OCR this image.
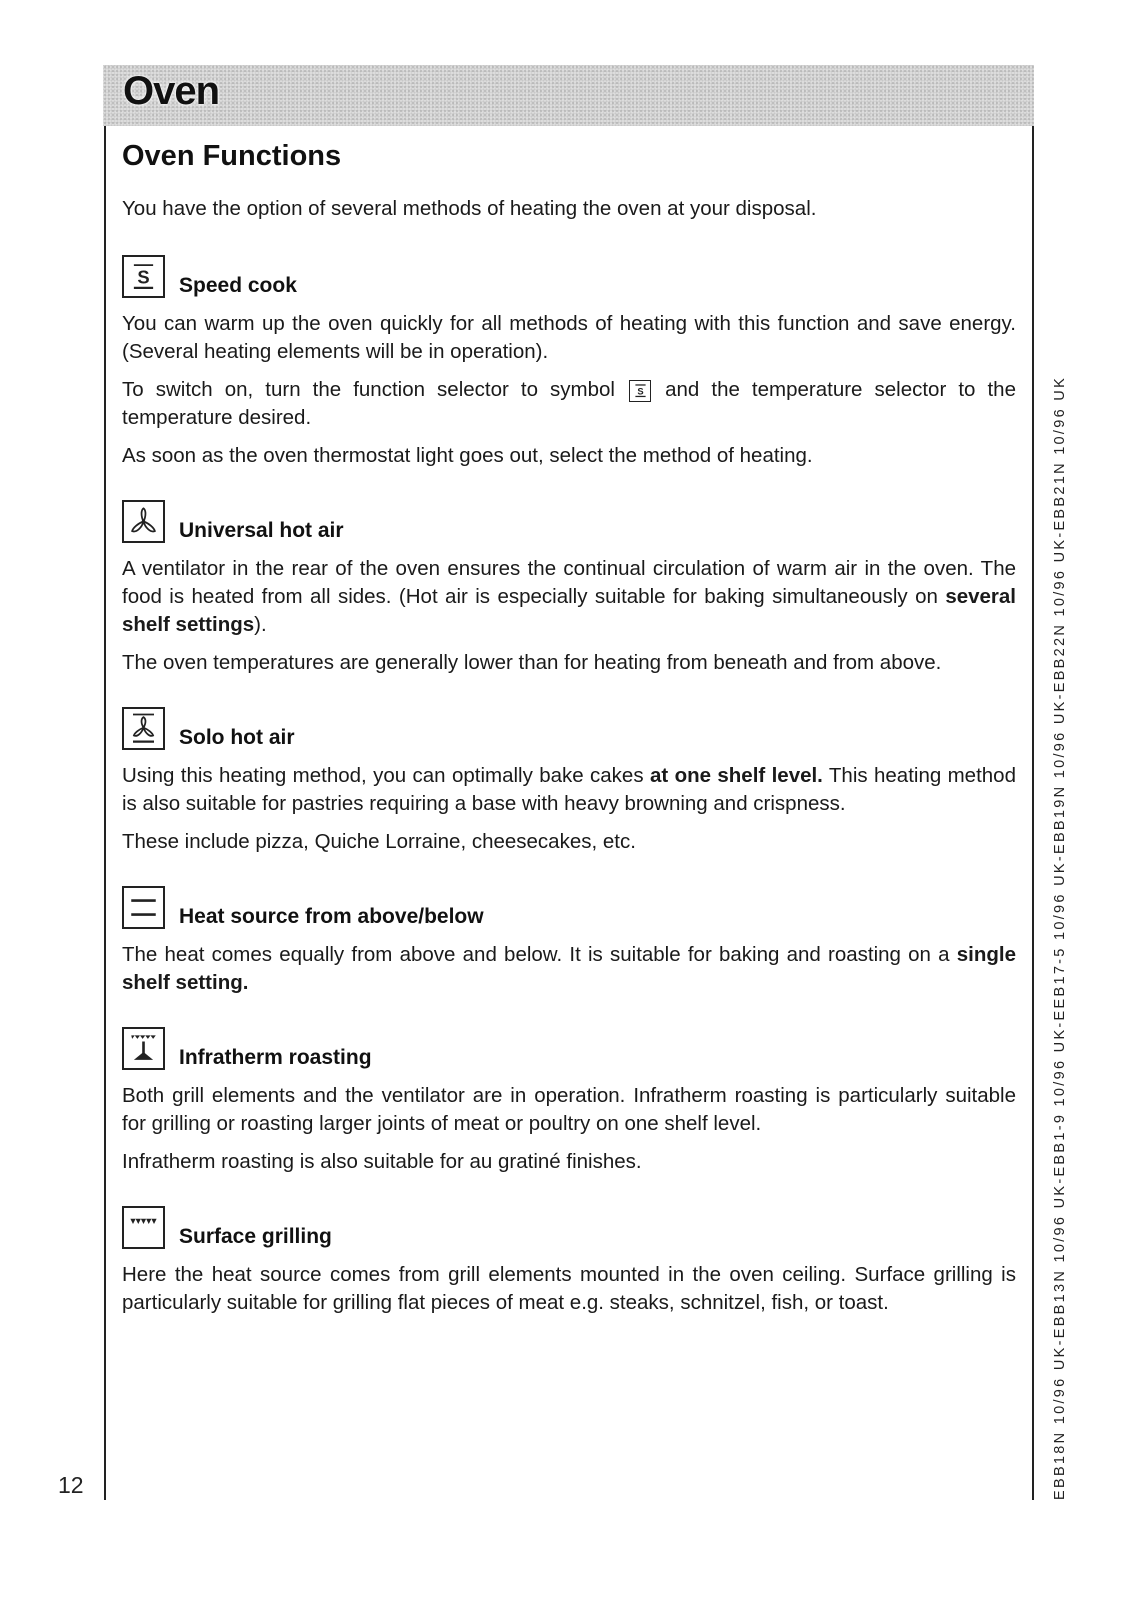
Oven
Oven Functions

You have the option of several methods of heating the oven at your disposal.

S Speed cook

You can warm up the oven quickly for all methods of heating with this function and save energy. (Several heating elements will be in operation).

To switch on, turn the function selector to symbol S and the temperature selector to the temperature desired.

As soon as the oven thermostat light goes out, select the method of heating.

Universal hot air

A ventilator in the rear of the oven ensures the continual circulation of warm air in the oven. The food is heated from all sides. (Hot air is especially suitable for baking simultaneously on several shelf settings).

The oven temperatures are generally lower than for heating from beneath and from above.

Solo hot air

Using this heating method, you can optimally bake cakes at one shelf level. This heating method is also suitable for pastries requiring a base with heavy browning and crispness.

These include pizza, Quiche Lorraine, cheesecakes, etc.

Heat source from above/below

The heat comes equally from above and below. It is suitable for baking and roasting on a single shelf setting.

Infratherm roasting

Both grill elements and the ventilator are in operation. Infratherm roasting is particularly suitable for grilling or roasting larger joints of meat or poultry on one shelf level.

Infratherm roasting is also suitable for au gratiné finishes.

Surface grilling

Here the heat source comes from grill elements mounted in the oven ceiling. Surface grilling is particularly suitable for grilling flat pieces of meat e.g. steaks, schnitzel, fish, or toast.

12	EBB18N 10/96 UK-EBB13N 10/96 UK-EBB1-9 10/96 UK-EEB17-5 10/96 UK-EBB19N 10/96 UK-EBB22N 10/96 UK-EBB21N 10/96 UK
